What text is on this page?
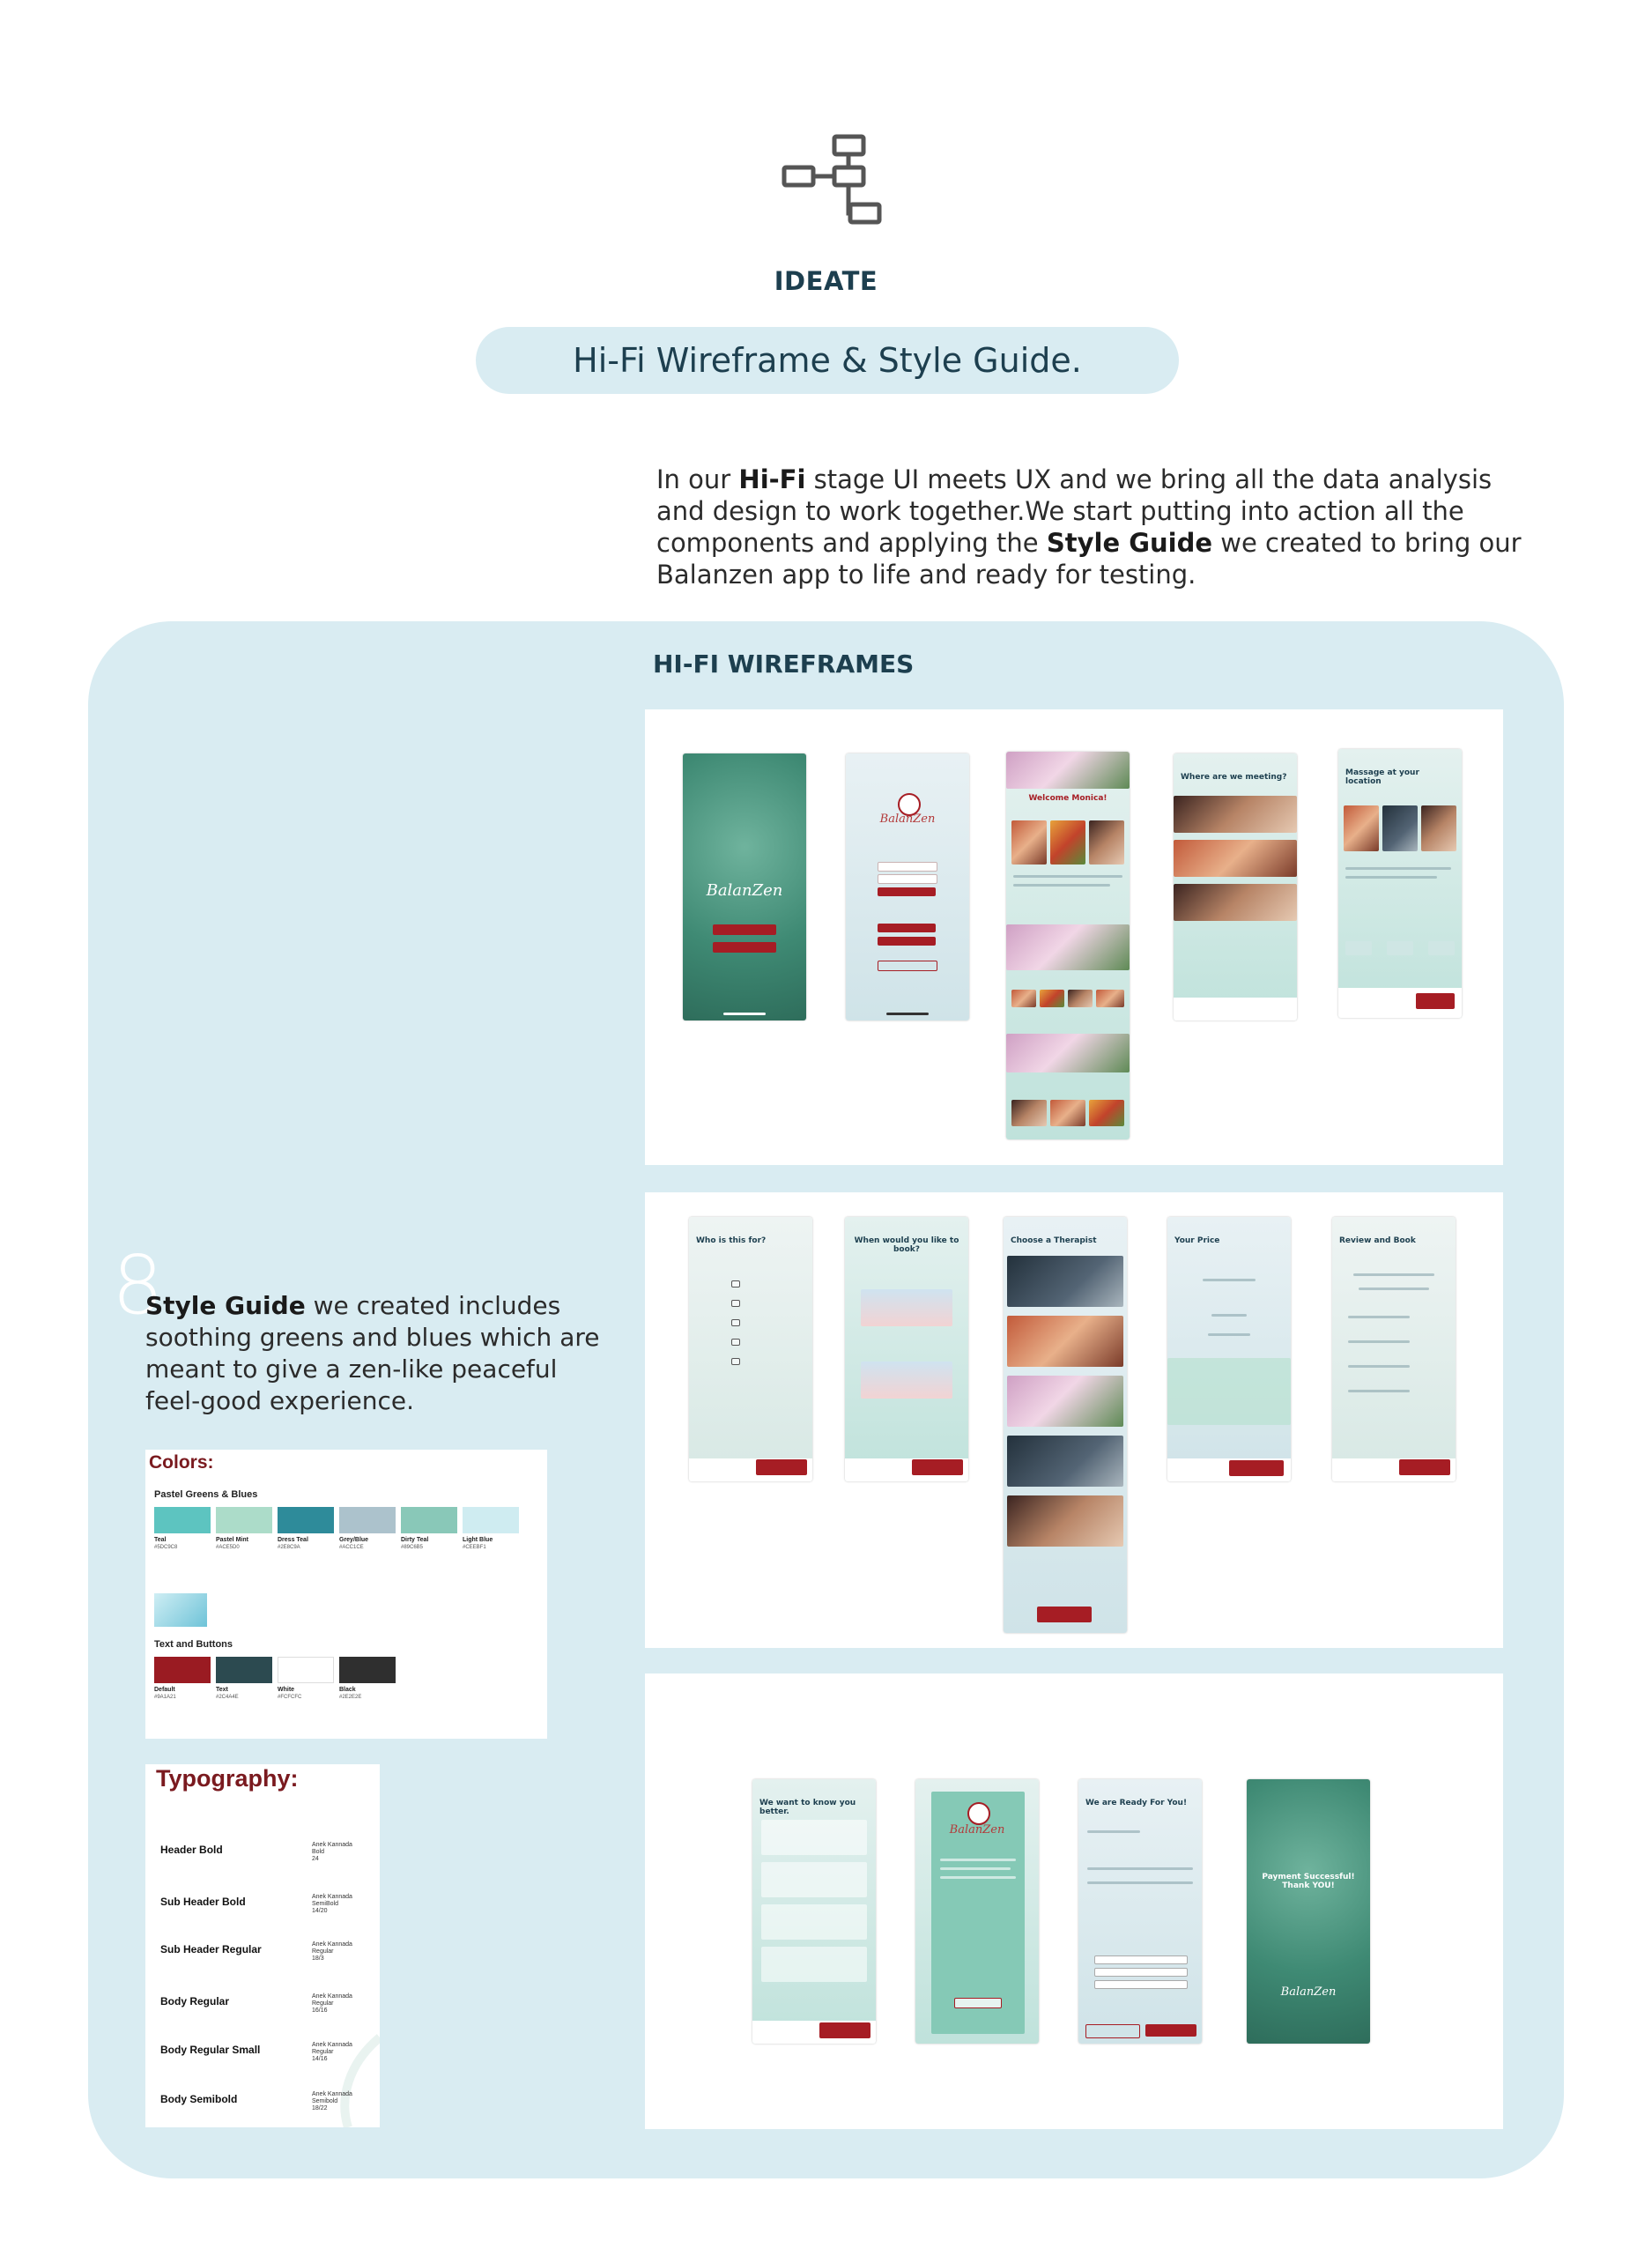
IDEATE
Hi-Fi Wireframe & Style Guide.
In our Hi-Fi stage UI meets UX and we bring all the data analysis and design to work together.We start putting into action all the components and applying the Style Guide we created to bring our Balanzen app to life and ready for testing.
HI-FI WIREFRAMES
BalanZen
BalanZen
Welcome Monica!
Where are we meeting?	Massage at your location
Who is this for?	When would you like to book?
Choose a Therapist	Your Price	Review and Book
We want to know you better.
BalanZen
We are Ready For You!
Payment Successful! Thank YOU!
BalanZen
8
Style Guide we created includes soothing greens and blues which are meant to give a zen-like peaceful feel-good experience.
Colors:
Pastel Greens & Blues
Teal
#5DC9C8
Pastel Mint
#ACE5D0
Dress Teal
#2E8C9A
Grey/Blue
#ACC1CE
Dirty Teal
#89C6B5
Light Blue
#CEEBF1
Text and Buttons
Default
#9A1A21
Text
#2C4A4E
White
#FCFCFC
Black
#2E2E2E
Typography:
Header Bold	Anek Kannada
Bold
24
Sub Header Bold	Anek Kannada
SemiBold
14/20
Sub Header Regular	Anek Kannada
Regular
18/3
Body Regular	Anek Kannada
Regular
16/16
Body Regular Small	Anek Kannada
Regular
14/16
Body Semibold	Anek Kannada
Semibold
18/22
